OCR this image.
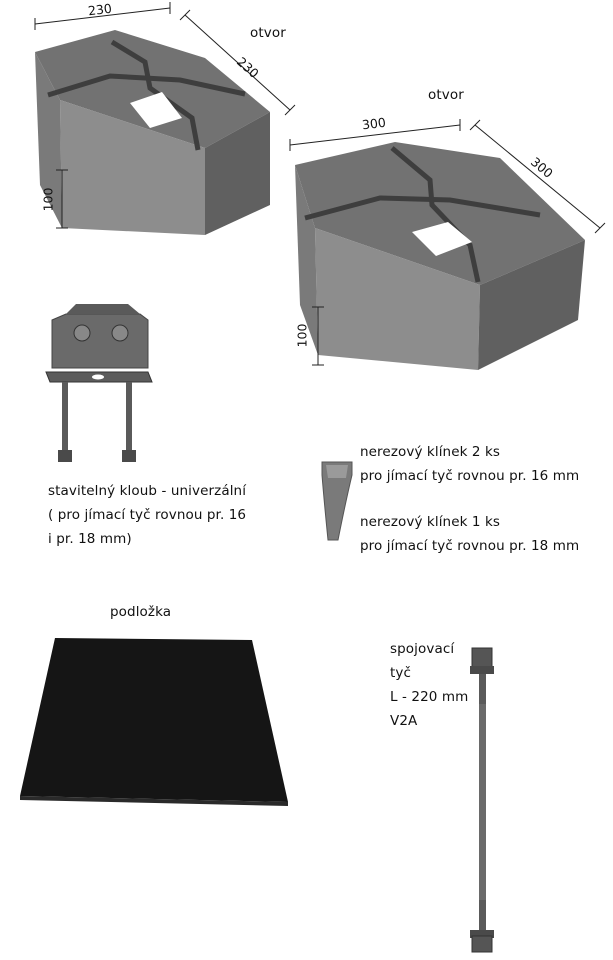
230
230
100
otvor
300
300
100
otvor
stavitelný kloub - univerzální
( pro jímací tyč rovnou pr. 16
i pr. 18 mm)
nerezový klínek 2 ks
pro jímací tyč rovnou pr. 16 mm
nerezový klínek 1 ks
pro jímací tyč rovnou pr. 18 mm
podložka
spojovací
tyč
L - 220 mm
V2A
